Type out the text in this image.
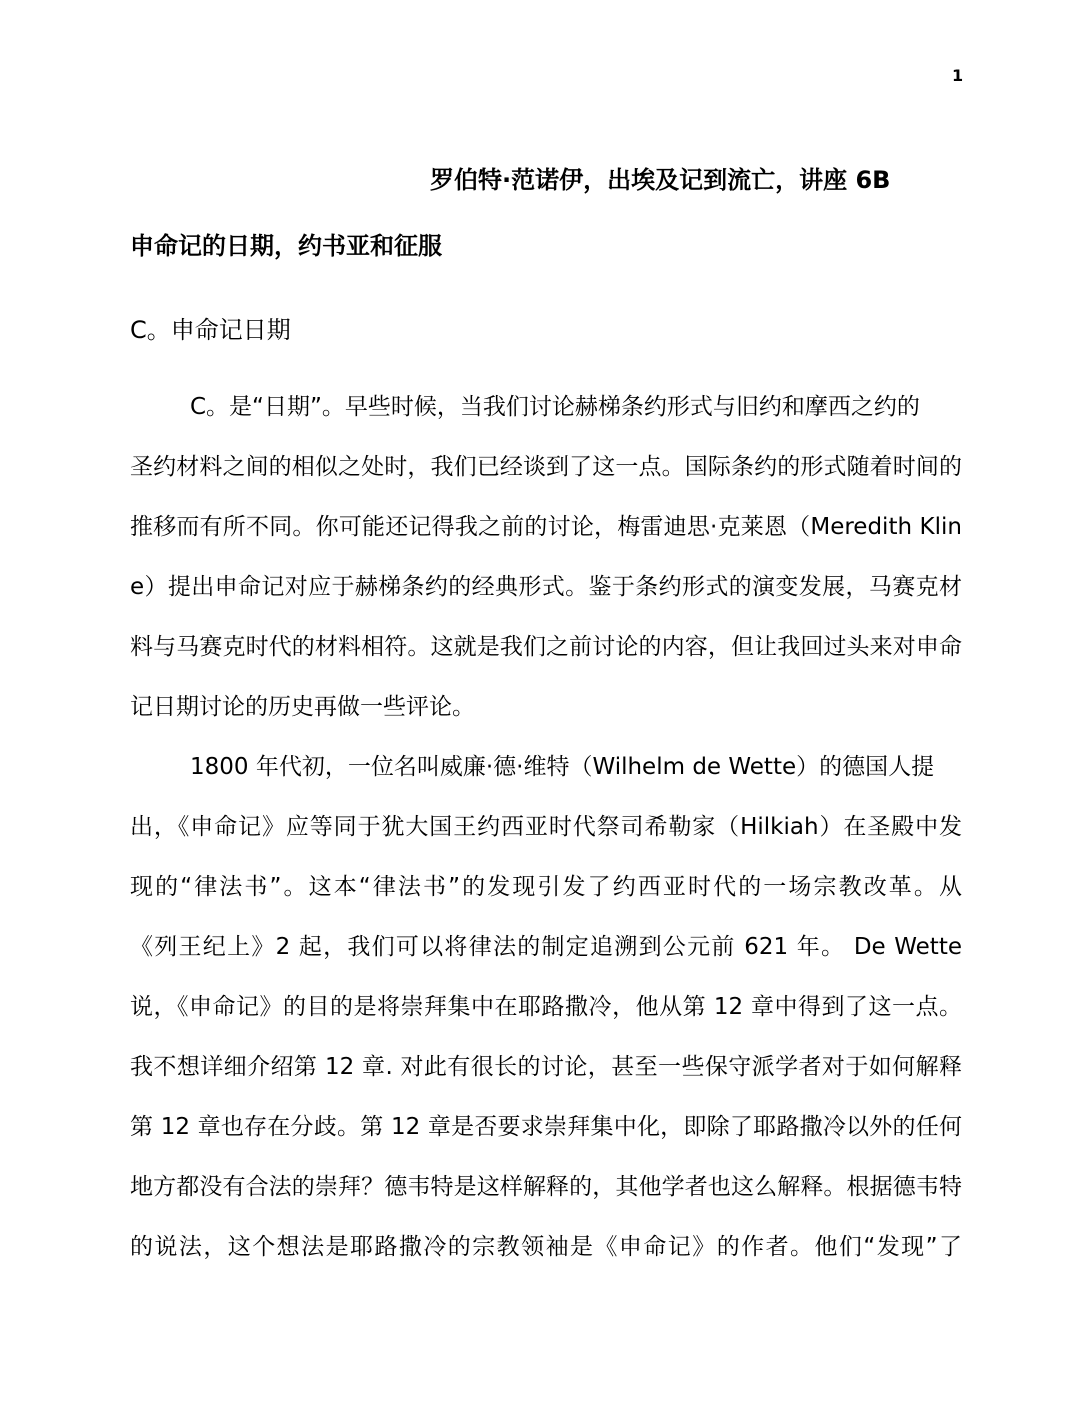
1
罗伯特·范诺伊，出埃及记到流亡，讲座 6B
申命记的日期，约书亚和征服
C。申命记日期
C。是“日期”。早些时候，当我们讨论赫梯条约形式与旧约和摩西之约的
圣约材料之间的相似之处时，我们已经谈到了这一点。国际条约的形式随着时间的
推移而有所不同。你可能还记得我之前的讨论，梅雷迪思·克莱恩（Meredith Klin
e）提出申命记对应于赫梯条约的经典形式。鉴于条约形式的演变发展，马赛克材
料与马赛克时代的材料相符。这就是我们之前讨论的内容，但让我回过头来对申命
记日期讨论的历史再做一些评论。
1800 年代初，一位名叫威廉·德·维特（Wilhelm de Wette）的德国人提
出，《申命记》应等同于犹大国王约西亚时代祭司希勒家（Hilkiah）在圣殿中发
现的“律法书”。这本“律法书”的发现引发了约西亚时代的一场宗教改革。从
《列王纪上》2 起，我们可以将律法的制定追溯到公元前 621 年。 De Wette
说，《申命记》的目的是将崇拜集中在耶路撒冷，他从第 12 章中得到了这一点。
我不想详细介绍第 12 章. 对此有很长的讨论，甚至一些保守派学者对于如何解释
第 12 章也存在分歧。第 12 章是否要求崇拜集中化，即除了耶路撒冷以外的任何
地方都没有合法的崇拜？德韦特是这样解释的，其他学者也这么解释。根据德韦特
的说法，这个想法是耶路撒冷的宗教领袖是《申命记》的作者。他们“发现”了
